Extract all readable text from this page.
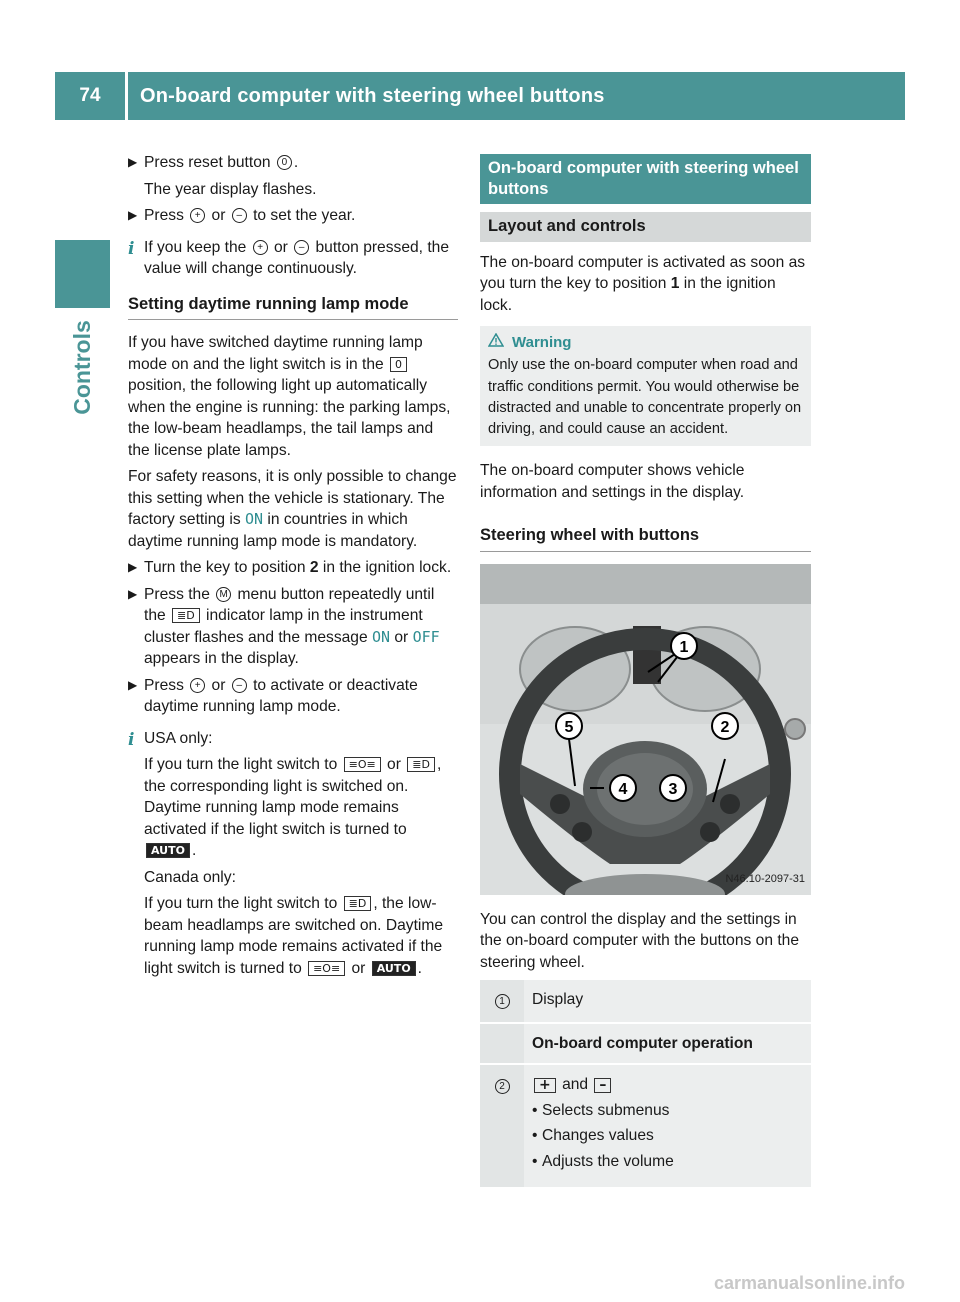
74	On-board computer with steering wheel buttons
Controls
▶ Press reset button 0 .
The year display flashes.
▶ Press + or – to set the year.
i If you keep the + or – button pressed, the value will change continuously.
Setting daytime running lamp mode

If you have switched daytime running lamp mode on and the light switch is in the 0 position, the following light up automatically when the engine is running: the parking lamps, the low-beam headlamps, the tail lamps and the license plate lamps.

For safety reasons, it is only possible to change this setting when the vehicle is stationary. The factory setting is ON in countries in which daytime running lamp mode is mandatory.

▶ Turn the key to position 2 in the ignition lock.
▶ Press the M menu button repeatedly until the ≣D indicator lamp in the instrument cluster flashes and the message ON or OFF appears in the display.
▶ Press + or – to activate or deactivate daytime running lamp mode.
i USA only:

If you turn the light switch to ≡O≡ or ≣D , the corresponding light is switched on. Daytime running lamp mode remains activated if the light switch is turned to AUTO .

Canada only:

If you turn the light switch to ≣D , the low-beam headlamps are switched on. Daytime running lamp mode remains activated if the light switch is turned to ≡O≡ or AUTO .

On-board computer with steering wheel buttons
Layout and controls

The on-board computer is activated as soon as you turn the key to position 1 in the ignition lock.

Warning
Only use the on-board computer when road and traffic conditions permit. You would otherwise be distracted and unable to concentrate properly on driving, and could cause an accident.

The on-board computer shows vehicle information and settings in the display.

Steering wheel with buttons
1
2
3
4
5
N46.10-2097-31

You can control the display and the settings in the on-board computer with the buttons on the steering wheel.

1	Display
	On-board computer operation
2	+ and –
• Selects submenus
• Changes values
• Adjusts the volume
carmanualsonline.info
